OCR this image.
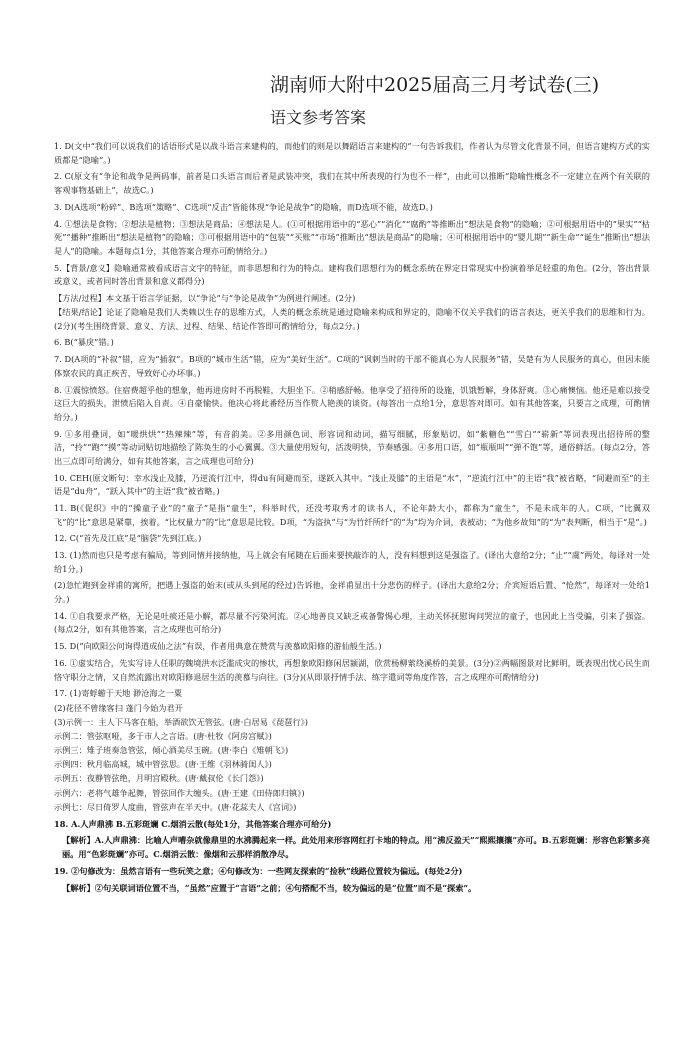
湖南师大附中2025届高三月考试卷(三)
语文参考答案

1. D(文中“我们可以说我们的话语形式是以战斗语言来建构的，而他们的则是以舞蹈语言来建构的”一句告诉我们，作者认为尽管文化背景不同，但语言建构方式的实质都是“隐喻”。)

2. C(原文有“争论和战争是两码事，前者是口头语言而后者是武装冲突，我们在其中所表现的行为也不一样”，由此可以推断“隐喻性概念不一定建立在两个有关联的客观事物基础上”，故选C。)

3. D(A选项“粉碎”、B选项“策略”、C选项“反击”皆能体现“争论是战争”的隐喻，而D选项不能，故选D。)

4. ①想法是食物；②想法是植物；③想法是商品；④想法是人。(①可根据用语中的“恶心”“消化”“腐酌”等推断出“想法是食物”的隐喻；②可根据用语中的“果实”“枯死”“播种”推断出“想法是植物”的隐喻；③可根据用语中的“包装”“买账”“市场”推断出“想法是商品”的隐喻；④可根据用语中的“婴儿期”“新生命”“诞生”推断出“想法是人”的隐喻。本题每点1分，其他答案合理亦可酌情给分。)

5.【背景/意义】隐喻通常被看成语言文字的特征，而非思想和行为的特点。建构我们思想行为的概念系统在界定日常现实中扮演着举足轻重的角色。(2分，答出背景或意义，或者同时答出背景和意义都得分)

【方法/过程】本文基于语言学证据，以“争论”与“争论是战争”为例进行阐述。(2分)

【结果/结论】论证了隐喻是我们人类赖以生存的思维方式，人类的概念系统是通过隐喻来构成和界定的，隐喻不仅关乎我们的语言表达，更关乎我们的思维和行为。(2分)(考生围绕背景、意义、方法、过程、结果、结论作答即可酌情给分，每点2分。)

6. B(“暴戾”错。)

7. D(A项的“补叙”错，应为“插叙”。B项的“城市生活”错，应为“美好生活”。C项的“讽刺当时的干部不能真心为人民服务”错，吴楚有为人民服务的真心，但因未能体察农民的真正疾苦，导致好心办坏事。)

8. ①震惊愤怒。住宿费超乎他的想象，他再进房时不再脱鞋，大胆坐下。②稍感舒畅。他享受了招待所的设施，饥饿暂解，身体舒爽。③心痛懊恼。他还是难以接受这巨大的损失，泄愤后陷入自责。④自豪愉快。他决心将此番经历当作赘人艳羡的谈资。(每答出一点给1分，意思答对即可。如有其他答案，只要言之成理，可酌情给分。)

9. ①多用叠词，如“暖烘烘”“热辣辣”等，有音韵美。②多用颜色词、形容词和动词，描写细腻，形象贴切，如“紫糖色”“雪白”“崭新”等词表现出招待所的整洁，“拎”“跑”“摸”等动词贴切地描绘了陈奂生的小心翼翼。③大量使用短句，活泼明快，节奏感强。④多用口语，如“瓶瓶叫”“弹不饱”等，通俗鲜活。(每点2分，答出三点即可给满分，如有其他答案，言之成理也可给分)

10. CEH(原文断句：幸水浅止及膝，乃逆流行江中，得du有间避而至，遂跃入其中。“浅止及膝”的主语是“水”，“逆流行江中”的主语“我”被省略，“间避而至”的主语是“du舟”，“跃入其中”的主语“我”被省略。)

11. B(《促织》中的“操童子业”的“童子”是指“童生”，科举时代，还没考取秀才的读书人，不论年龄大小，都称为“童生”，不是未成年的人。C项，“比翼双飞”的“比”意思是紧靠，挨着。“比权量力”的“比”意思是比较。D项，“为盗执”与“为竹纤所纤”的“为”均为介词，表被动；“为他乡故知”的“为”表判断，相当于“是”。)

12. C(“首先及江底”是“脑袋”先到江底。)

13. (1)然而也只是考虑有骗局，等到同情并接纳他，马上就会有尾随在后面来要挟敲诈的人，没有料想到这是强盗了。(译出大意给2分；“止”“虞”两处，每译对一处给1分。)

(2)急忙跑到金祥甫的寓所，把遇上强盗的始末(或从头到尾的经过)告诉他，金祥甫显出十分悲伤的样子。(译出大意给2分；介宾短语后置、“怆然”，每译对一处给1分。)

14. ①自我要求严格，无论是吐痰还是小解，都尽量不污染河流。②心地善良又缺乏戒备警惕心理，主动关怀抚慰询问哭泣的童子，也因此上当受骗，引来了强盗。(每点2分，如有其他答案，言之成理也可给分)

15. D(“向欧阳公问询得道成仙之法”有误，作者用典意在赞赏与羡慕欧阳修的游仙般生活。)

16. ①虚实结合，先实写诗人任职的魏境洪水泛滥成灾的惨状，再想象欧阳修闲居颍湖，欣赏杨柳萦绕溪桥的美景。(3分)②两幅图景对比鲜明，既表现出忧心民生而恪守职分之情，又自然流露出对欧阳修退居生活的羡慕与向往。(3分)(从即景抒情手法、练字遣词等角度作答，言之成理亦可酌情给分)

17. (1)寄蜉蝣于天地 渺沧海之一粟

(2)花径不曾缘客扫 蓬门今始为君开

(3)示例一：主人下马客在船，举酒欲饮无管弦。(唐·白居易《琵琶行》)

示例二：管弦呕哑，多于市人之言语。(唐·杜牧《阿房宫赋》)

示例三：雉子班奏急管弦，倾心酒美尽玉碗。(唐·李白《雉朝飞》)

示例四：秋月临高城，城中管弦思。(唐·王维《羽林骑闺人》)

示例五：夜静管弦绝，月明宫殿秋。(唐·戴叔伦《长门怨》)

示例六：老将气雄争起舞，管弦回作大缠头。(唐·王建《田侍郎归镇》)

示例七：尽日倚罗人度曲，管弦声在半天中。(唐·花蕊夫人《宫词》)

18. A.人声鼎沸 B.五彩斑斓 C.烟消云散(每处1分，其他答案合理亦可给分)

【解析】A.人声鼎沸：比喻人声嘈杂就像鼎里的水沸腾起来一样。此处用来形容网红打卡地的特点。用“沸反盈天”“熙熙攘攘”亦可。B.五彩斑斓：形容色彩繁多亮丽。用“色彩斑斓”亦可。C.烟消云散：像烟和云那样消散净尽。

19. ②句修改为：虽然言语有一些玩笑之意；④句修改为：一些网友探索的“捡秋”线路位置较为偏远。(每处2分)

【解析】②句关联词语位置不当，“虽然”应置于“言语”之前；④句搭配不当，较为偏远的是“位置”而不是“探索”。
